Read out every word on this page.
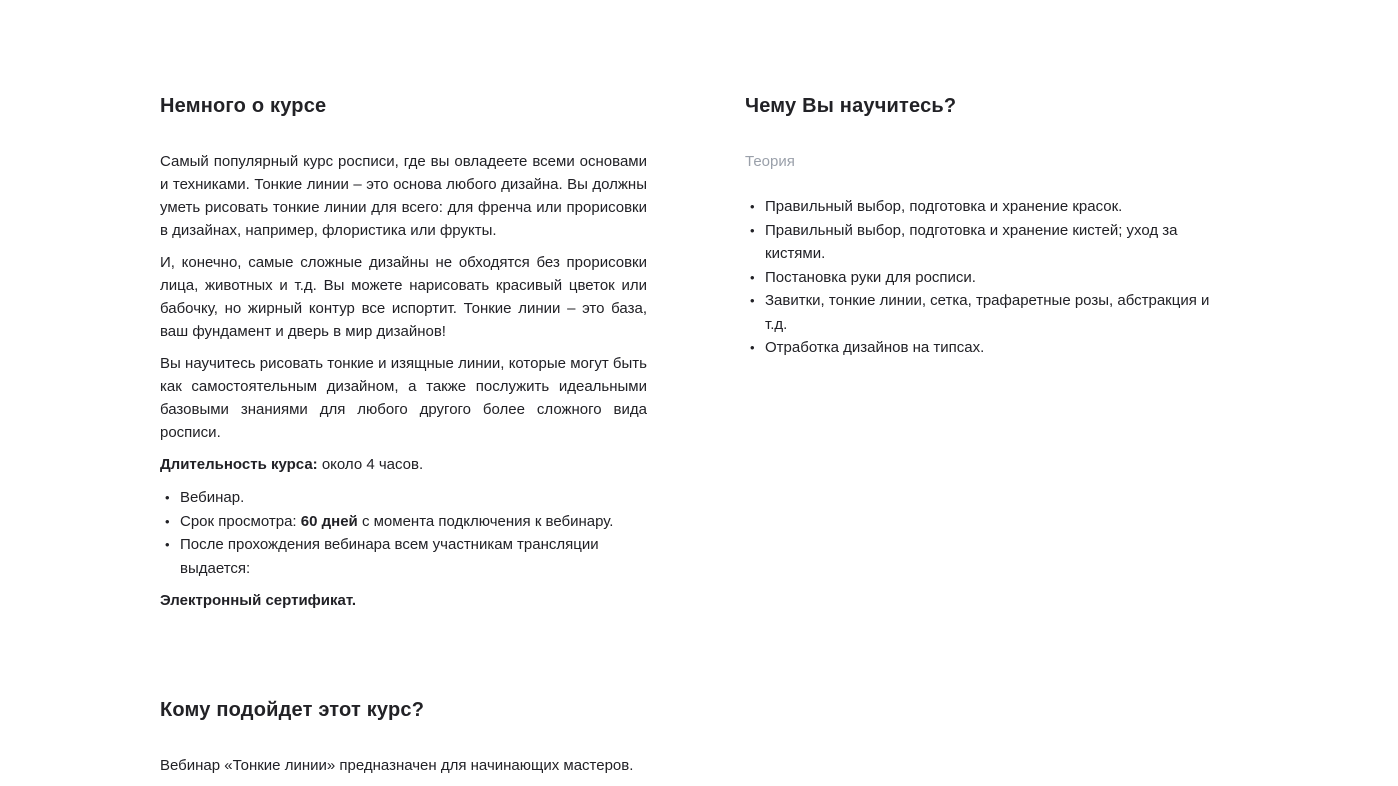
Немного о курсе

Самый популярный курс росписи, где вы овладеете всеми основами и техниками. Тонкие линии – это основа любого дизайна. Вы должны уметь рисовать тонкие линии для всего: для френча или прорисовки в дизайнах, например, флористика или фрукты.

И, конечно, самые сложные дизайны не обходятся без прорисовки лица, животных и т.д. Вы можете нарисовать красивый цветок или бабочку, но жирный контур все испортит. Тонкие линии – это база, ваш фундамент и дверь в мир дизайнов!

Вы научитесь рисовать тонкие и изящные линии, которые могут быть как самостоятельным дизайном, а также послужить идеальными базовыми знаниями для любого другого более сложного вида росписи.

Длительность курса: около 4 часов.

• Вебинар.
• Срок просмотра: 60 дней с момента подключения к вебинару.
• После прохождения вебинара всем участникам трансляции выдается:

Электронный сертификат.

Кому подойдет этот курс?

Вебинар «Тонкие линии» предназначен для начинающих мастеров.

Чему Вы научитесь?
Теория
• Правильный выбор, подготовка и хранение красок.
• Правильный выбор, подготовка и хранение кистей; уход за кистями.
• Постановка руки для росписи.
• Завитки, тонкие линии, сетка, трафаретные розы, абстракция и т.д.
• Отработка дизайнов на типсах.
